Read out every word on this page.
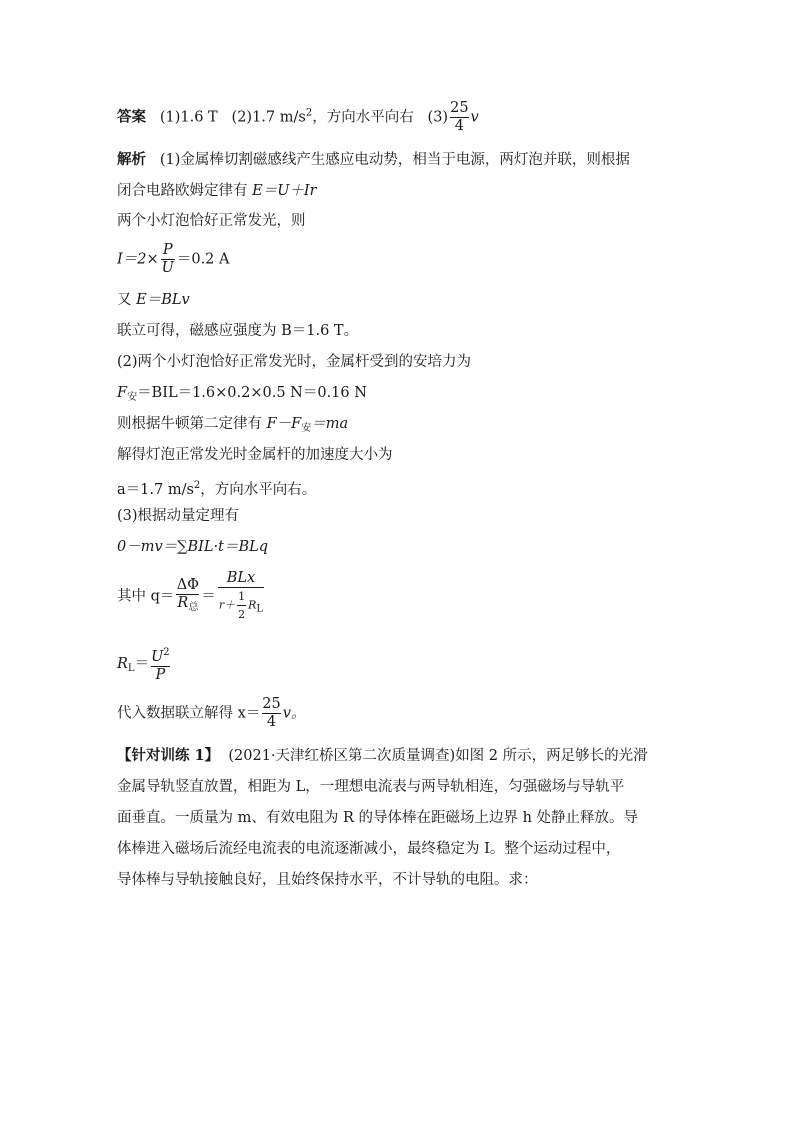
答案 (1)1.6 T (2)1.7 $m/s^2$，方向水平向右 $(3) \frac{25}{4}$ v
解析 (1)金属棒切割磁感线产生感应电动势，相当于电源，两灯泡并联，则根据
闭合电路欧姆定律有 E＝U＋Ir
两个小灯泡恰好正常发光，则
$I=2\times \frac{P}{U} =0.2$ A
又 E＝BLv
联立可得，磁感应强度为 B＝1.6 T。
(2)两个小灯泡恰好正常发光时，金属杆受到的安培力为
$F_安=BIL=1.6\times 0.2\times 0.5$ N＝0.16 N
则根据牛顿第二定律有 $F-F_安=ma$
解得灯泡正常发光时金属杆的加速度大小为
a＝1.7 $m/s^2$，方向水平向右。
(3)根据动量定理有
0－mv＝∑BIL·t＝BLq
其中 $q= \frac{\Delta\Phi}{R_总} = \frac{\text{BLx}}{r+ \frac{1}{2} RL}$
$R_L= \frac{U^2}{P}$
代入数据联立解得 $x= \frac{25}{4}$ v。
【针对训练 1】 (2021·天津红桥区第二次质量调查)如图 2 所示，两足够长的光滑
金属导轨竖直放置，相距为 L，一理想电流表与两导轨相连，匀强磁场与导轨平
面垂直。一质量为 m、有效电阻为 R 的导体棒在距磁场上边界 h 处静止释放。导
体棒进入磁场后流经电流表的电流逐渐减小，最终稳定为 I。整个运动过程中，
导体棒与导轨接触良好，且始终保持水平，不计导轨的电阻。求：
